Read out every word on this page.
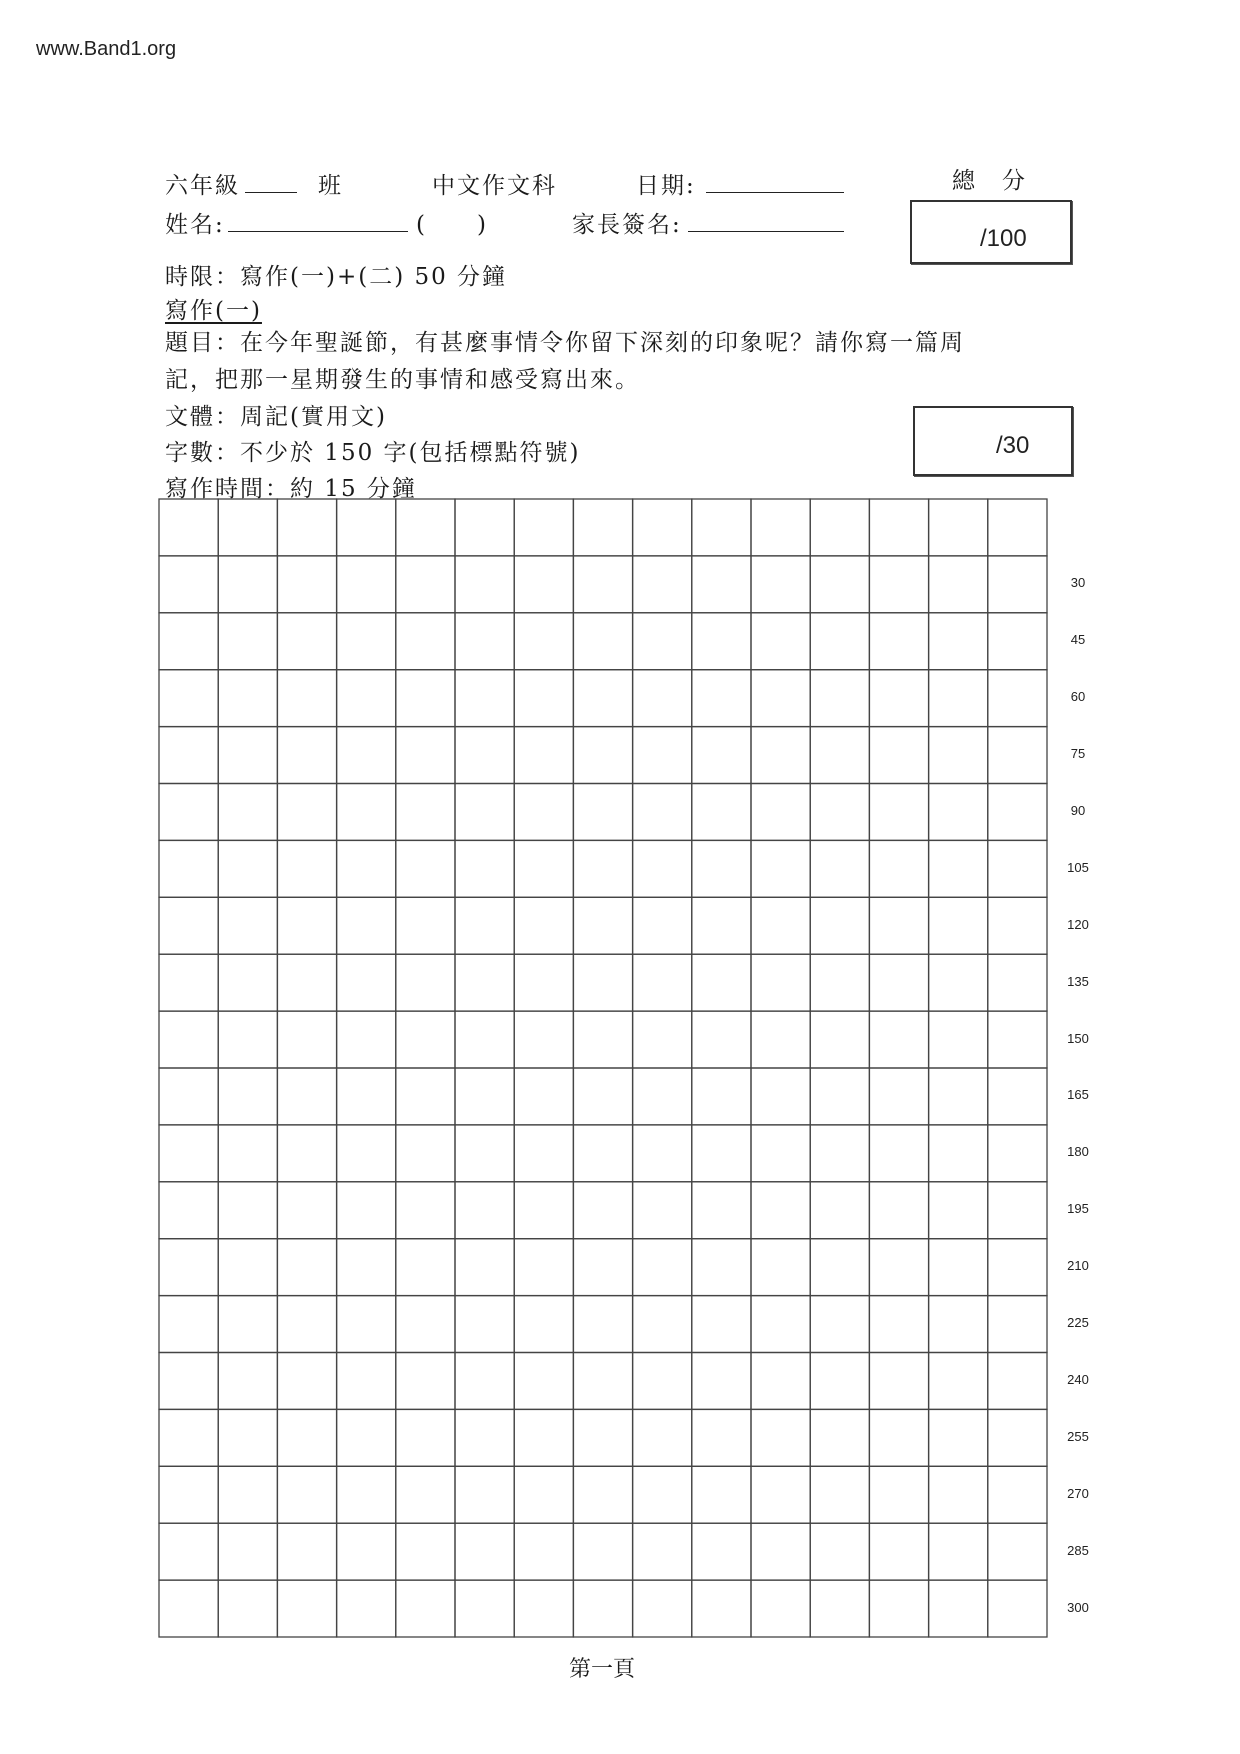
www.Band1.org
六年級	班	中文作文科	日期:	總　分
姓名:	(　　)	家長簽名:	/100
時限：寫作(一)+(二) 50 分鐘
寫作(一)
題目：在今年聖誕節，有甚麼事情令你留下深刻的印象呢？請你寫一篇周
記，把那一星期發生的事情和感受寫出來。
文體：周記(實用文)
字數：不少於 150 字(包括標點符號)
寫作時間：約 15 分鐘
/30
30
45
60
75
90
105
120
135
150
165
180
195
210
225
240
255
270
285
300
第一頁
